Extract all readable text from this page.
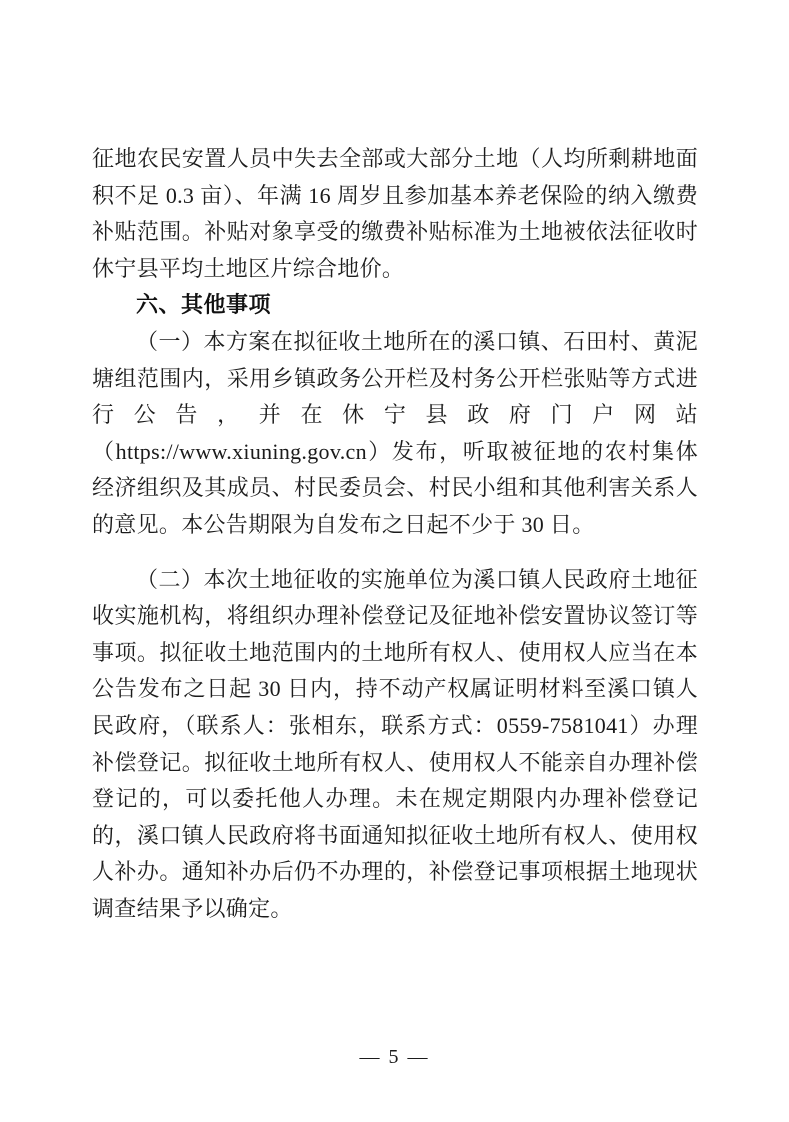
征地农民安置人员中失去全部或大部分土地（人均所剩耕地面积不足 0.3 亩）、年满 16 周岁且参加基本养老保险的纳入缴费补贴范围。补贴对象享受的缴费补贴标准为土地被依法征收时休宁县平均土地区片综合地价。

六、其他事项

（一）本方案在拟征收土地所在的溪口镇、石田村、黄泥塘组范围内，采用乡镇政务公开栏及村务公开栏张贴等方式进行公告，并在休宁县政府门户网站（https://www.xiuning.gov.cn）发布，听取被征地的农村集体经济组织及其成员、村民委员会、村民小组和其他利害关系人的意见。本公告期限为自发布之日起不少于 30 日。

（二）本次土地征收的实施单位为溪口镇人民政府土地征收实施机构，将组织办理补偿登记及征地补偿安置协议签订等事项。拟征收土地范围内的土地所有权人、使用权人应当在本公告发布之日起 30 日内，持不动产权属证明材料至溪口镇人民政府，（联系人：张相东，联系方式：0559-7581041）办理补偿登记。拟征收土地所有权人、使用权人不能亲自办理补偿登记的，可以委托他人办理。未在规定期限内办理补偿登记的，溪口镇人民政府将书面通知拟征收土地所有权人、使用权人补办。通知补办后仍不办理的，补偿登记事项根据土地现状调查结果予以确定。

— 5 —
